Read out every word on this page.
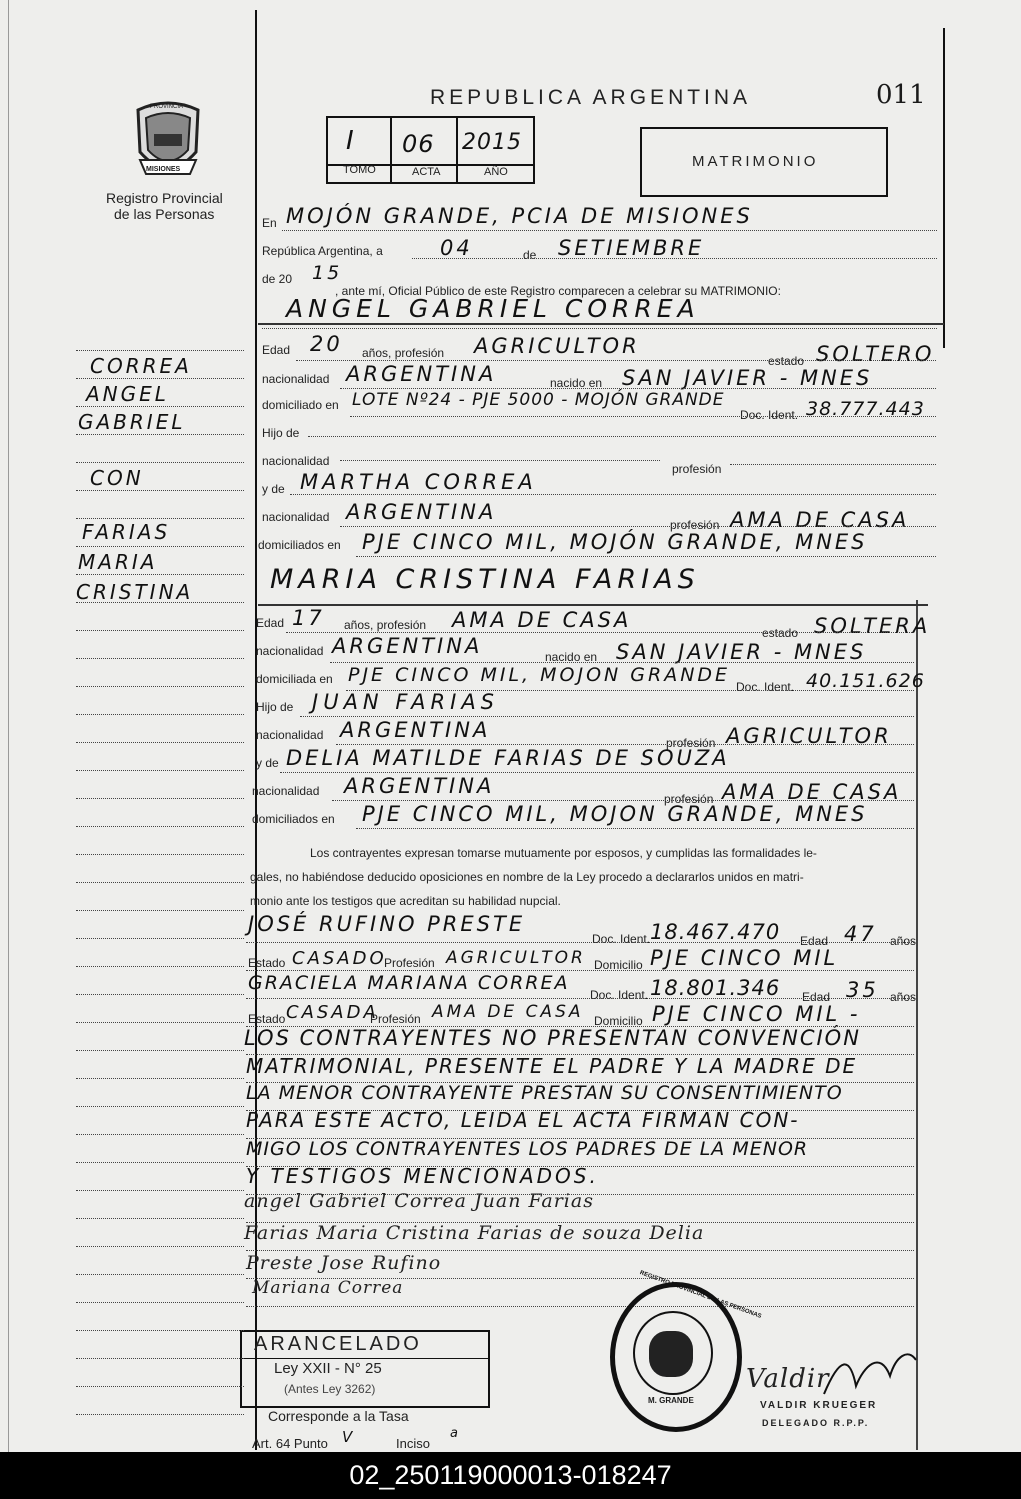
REPUBLICA ARGENTINA	011
PROVINCIA
MISIONES
Registro Provincial
de las Personas
I 06 2015
TOMO	ACTA	AÑO
MATRIMONIO
En MOJÓN GRANDE, PCIA DE MISIONES
República Argentina, a	04	de SETIEMBRE
de 20 15
, ante mí, Oficial Público de este Registro comparecen a celebrar su MATRIMONIO:
ANGEL GABRIEL CORREA
CORREA
ANGEL
GABRIEL
CON
FARIAS
MARIA
CRISTINA
Edad 20 años, profesión AGRICULTOR
estado SOLTERO
nacionalidad ARGENTINA	nacido en SAN JAVIER - MNES
domiciliado en LOTE Nº24 - PJE 5000 - MOJÓN GRANDE
Doc. Ident. 38.777.443
Hijo de
nacionalidad
profesión
y de MARTHA CORREA
nacionalidad ARGENTINA
profesión AMA DE CASA
domiciliados en PJE CINCO MIL, MOJÓN GRANDE, MNES
MARIA CRISTINA FARIAS
Edad 17 años, profesión AMA DE CASA
estado SOLTERA
nacionalidad ARGENTINA	nacido en SAN JAVIER - MNES
domiciliada en PJE CINCO MIL, MOJON GRANDE
Doc. Ident. 40.151.626
Hijo de JUAN FARIAS
nacionalidad ARGENTINA
profesión AGRICULTOR
y de DELIA MATILDE FARIAS DE SOUZA
nacionalidad ARGENTINA
profesión AMA DE CASA
domiciliados en PJE CINCO MIL, MOJON GRANDE, MNES
Los contrayentes expresan tomarse mutuamente por esposos, y cumplidas las formalidades le-
gales, no habiéndose deducido oposiciones en nombre de la Ley procedo a declararlos unidos en matri-
monio ante los testigos que acreditan su habilidad nupcial.
JOSÉ RUFINO PRESTE
Doc. Ident. 18.467.470 Edad 47 años
Estado CASADO
Profesión AGRICULTOR Domicilio PJE CINCO MIL
GRACIELA MARIANA CORREA
Doc. Ident. 18.801.346 Edad 35 años
Estado CASADA
Profesión AMA DE CASA Domicilio PJE CINCO MIL -
LOS CONTRAYENTES NO PRESENTAN CONVENCIÓN
MATRIMONIAL, PRESENTE EL PADRE Y LA MADRE DE
LA MENOR CONTRAYENTE PRESTAN SU CONSENTIMIENTO
PARA ESTE ACTO, LEIDA EL ACTA FIRMAN CON-
MIGO LOS CONTRAYENTES LOS PADRES DE LA MENOR
Y TESTIGOS MENCIONADOS.
angel Gabriel Correa Juan Farias
Farias Maria Cristina Farias de souza Delia
Preste Jose Rufino
Mariana Correa
ARANCELADO
Ley XXII - N° 25
(Antes Ley 3262)
Corresponde a la Tasa
Art. 64 Punto V	Inciso
a
REGISTRO PROVINCIAL DE LAS PERSONAS
M. GRANDE
Valdir
VALDIR KRUEGER
DELEGADO R.P.P.
02_250119000013-018247
